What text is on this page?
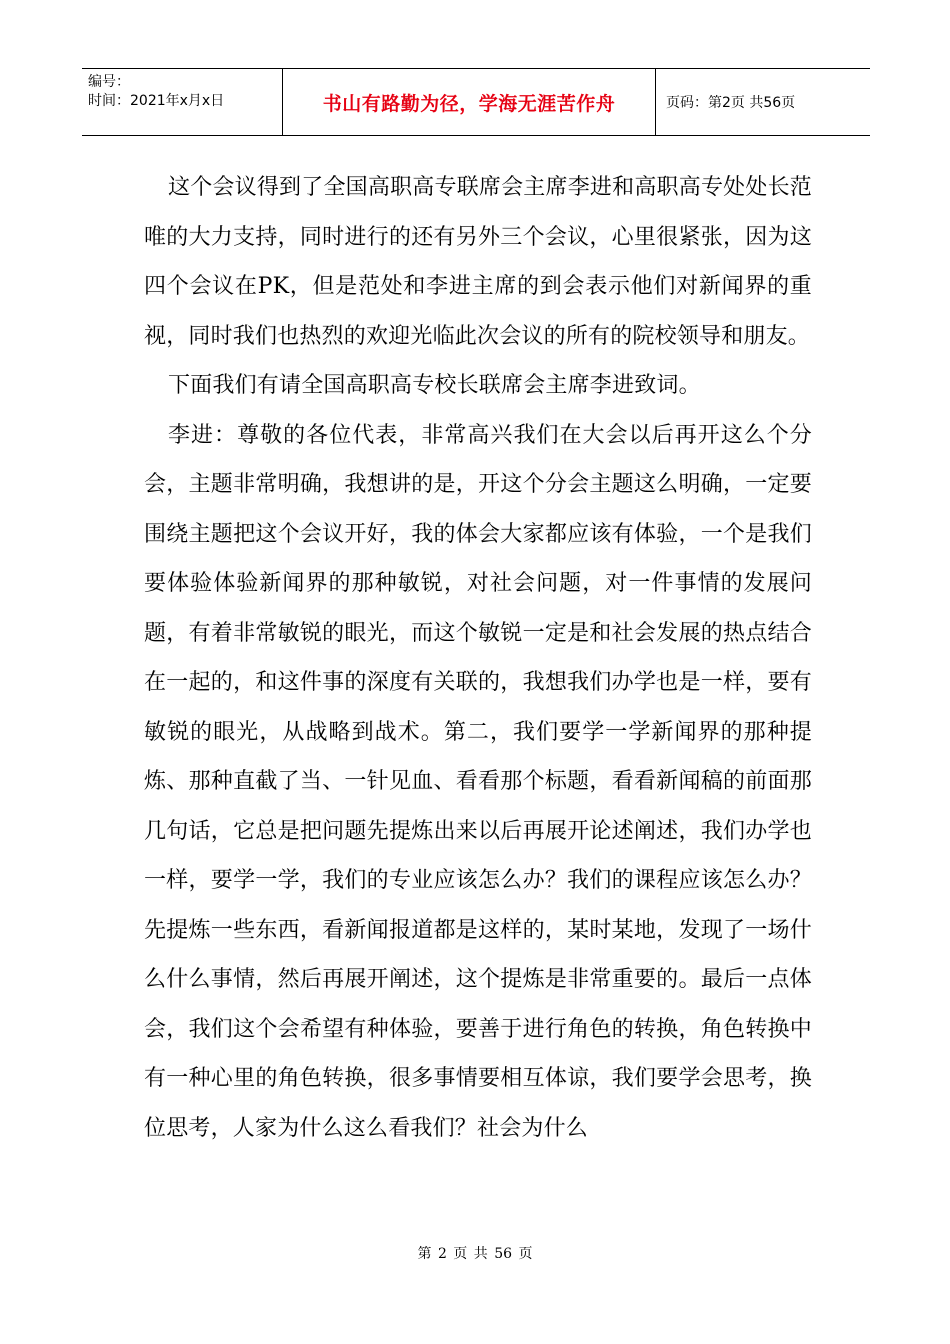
编号：
时间：2021年x月x日	书山有路勤为径，学海无涯苦作舟	页码：第2页 共56页

这个会议得到了全国高职高专联席会主席李进和高职高专处处长范唯的大力支持，同时进行的还有另外三个会议，心里很紧张，因为这四个会议在PK，但是范处和李进主席的到会表示他们对新闻界的重视，同时我们也热烈的欢迎光临此次会议的所有的院校领导和朋友。

下面我们有请全国高职高专校长联席会主席李进致词。

李进：尊敬的各位代表，非常高兴我们在大会以后再开这么个分会，主题非常明确，我想讲的是，开这个分会主题这么明确，一定要围绕主题把这个会议开好，我的体会大家都应该有体验，一个是我们要体验体验新闻界的那种敏锐，对社会问题，对一件事情的发展问题，有着非常敏锐的眼光，而这个敏锐一定是和社会发展的热点结合在一起的，和这件事的深度有关联的，我想我们办学也是一样，要有敏锐的眼光，从战略到战术。第二，我们要学一学新闻界的那种提炼、那种直截了当、一针见血、看看那个标题，看看新闻稿的前面那几句话，它总是把问题先提炼出来以后再展开论述阐述，我们办学也一样，要学一学，我们的专业应该怎么办？我们的课程应该怎么办？先提炼一些东西，看新闻报道都是这样的，某时某地，发现了一场什么什么事情，然后再展开阐述，这个提炼是非常重要的。最后一点体会，我们这个会希望有种体验，要善于进行角色的转换，角色转换中有一种心里的角色转换，很多事情要相互体谅，我们要学会思考，换位思考，人家为什么这么看我们？社会为什么

第 2 页 共 56 页
